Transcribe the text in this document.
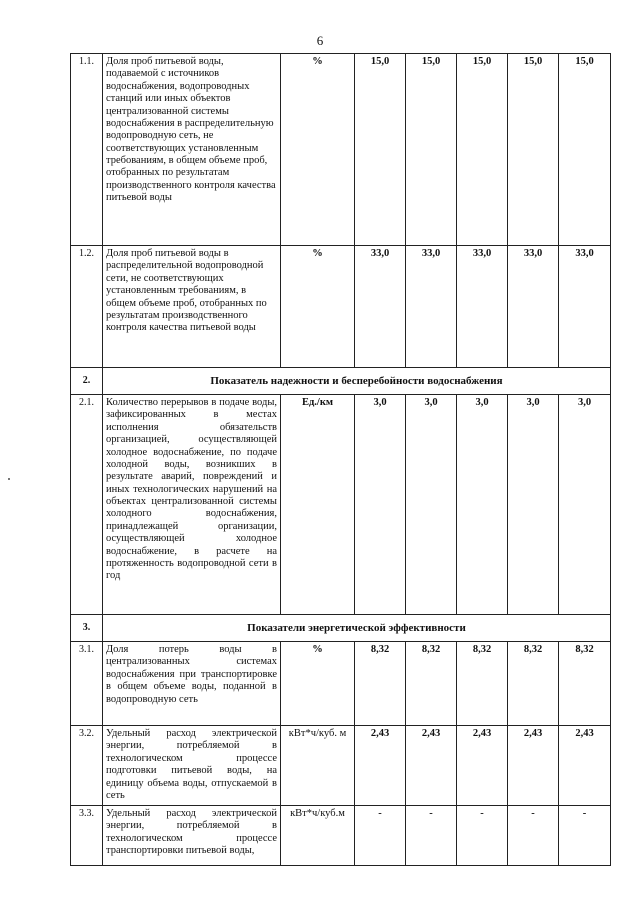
6
1.1.	Доля проб питьевой воды, подаваемой с источников водоснабжения, водопроводных станций или иных объектов централизованной системы водоснабжения в распределительную водопроводную сеть, не соответствующих установленным требованиям, в общем объеме проб, отобранных по результатам производственного контроля качества питьевой воды	%	15,0	15,0	15,0	15,0	15,0
1.2.	Доля проб питьевой воды в распределительной водопроводной сети, не соответствующих установленным требованиям, в общем объеме проб, отобранных по результатам производственного контроля качества питьевой воды	%	33,0	33,0	33,0	33,0	33,0
2.	Показатель надежности и бесперебойности водоснабжения						
2.1.	Количество перерывов в подаче воды, зафиксированных в местах исполнения обязательств организацией, осуществляющей холодное водоснабжение, по подаче холодной воды, возникших в результате аварий, повреждений и иных технологических нарушений на объектах централизованной системы холодного водоснабжения, принадлежащей организации, осуществляющей холодное водоснабжение, в расчете на протяженность водопроводной сети в год	Ед./км	3,0	3,0	3,0	3,0	3,0
3.	Показатели энергетической эффективности						
3.1.	Доля потерь воды в централизованных системах водоснабжения при транспортировке в общем объеме воды, поданной в водопроводную сеть	%	8,32	8,32	8,32	8,32	8,32
3.2.	Удельный расход электрической энергии, потребляемой в технологическом процессе подготовки питьевой воды, на единицу объема воды, отпускаемой в сеть	кВт*ч/куб. м	2,43	2,43	2,43	2,43	2,43
3.3.	Удельный расход электрической энергии, потребляемой в технологическом процессе транспортировки питьевой воды,	кВт*ч/куб.м	-	-	-	-	-
